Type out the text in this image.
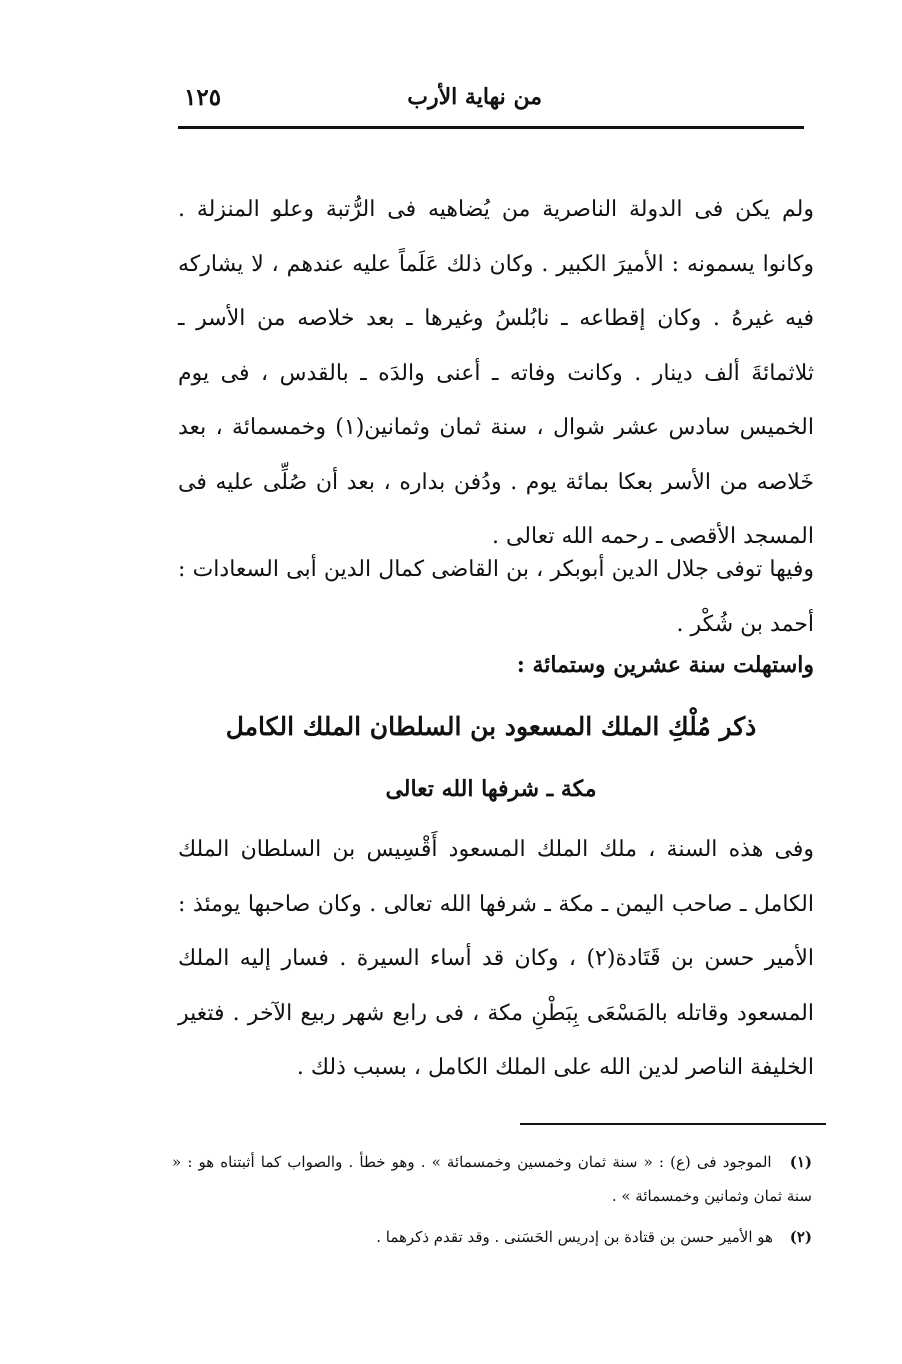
من نهاية الأرب
١٢٥

ولم يكن فى الدولة الناصرية من يُضاهيه فى الرُّتبة وعلو المنزلة . وكانوا يسمونه : الأميرَ الكبير . وكان ذلك عَلَماً عليه عندهم ، لا يشاركه فيه غيرهُ . وكان إقطاعه ـ نابُلسُ وغيرها ـ بعد خلاصه من الأسر ـ ثلاثمائةَ ألف دينار . وكانت وفاته ـ أعنى والدَه ـ بالقدس ، فى يوم الخميس سادس عشر شوال ، سنة ثمان وثمانين(١) وخمسمائة ، بعد خَلاصه من الأسر بعكا بمائة يوم . ودُفن بداره ، بعد أن صُلِّى عليه فى المسجد الأقصى ـ رحمه الله تعالى .

وفيها توفى جلال الدين أبوبكر ، بن القاضى كمال الدين أبى السعادات : أحمد بن شُكْر .

واستهلت سنة عشرين وستمائة :
ذكر مُلْكِ الملك المسعود بن السلطان الملك الكامل
مكة ـ شرفها الله تعالى

وفى هذه السنة ، ملك الملك المسعود أَقْسِيس بن السلطان الملك الكامل ـ صاحب اليمن ـ مكة ـ شرفها الله تعالى . وكان صاحبها يومئذ : الأمير حسن بن قَتَادة(٢) ، وكان قد أساء السيرة . فسار إليه الملك المسعود وقاتله بالمَسْعَى بِبَطْنِ مكة ، فى رابع شهر ربيع الآخر . فتغير الخليفة الناصر لدين الله على الملك الكامل ، بسبب ذلك .

(١) الموجود فى (ع) : « سنة ثمان وخمسين وخمسمائة » . وهو خطأ . والصواب كما أثبتناه هو : « سنة ثمان وثمانين وخمسمائة » .
(٢) هو الأمير حسن بن قتادة بن إدريس الحَسَنى . وقد تقدم ذكرهما .
